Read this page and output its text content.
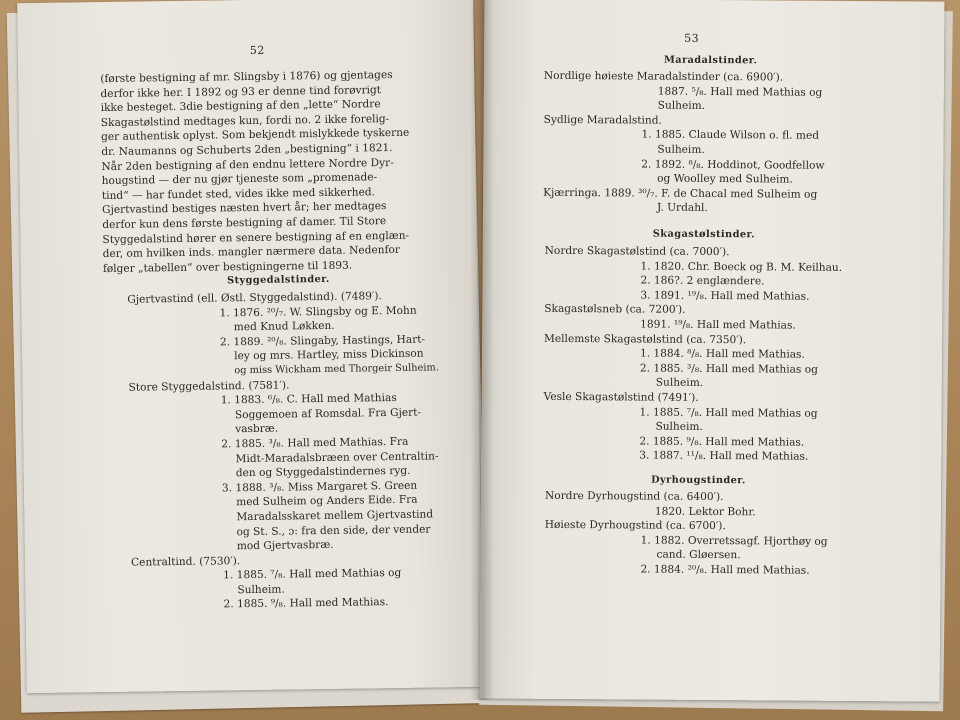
52
(første bestigning af mr. Slingsby i 1876) og gjentages
derfor ikke her. I 1892 og 93 er denne tind forøvrigt
ikke besteget. 3die bestigning af den „lette“ Nordre
Skagastølstind medtages kun, fordi no. 2 ikke forelig-
ger authentisk oplyst. Som bekjendt mislykkede tyskerne
dr. Naumanns og Schuberts 2den „bestigning“ i 1821.
Når 2den bestigning af den endnu lettere Nordre Dyr-
hougstind — der nu gjør tjeneste som „promenade-
tind“ — har fundet sted, vides ikke med sikkerhed.
Gjertvastind bestiges næsten hvert år; her medtages
derfor kun dens første bestigning af damer. Til Store
Styggedalstind hører en senere bestigning af en englæn-
der, om hvilken inds. mangler nærmere data. Nedenfor
følger „tabellen“ over bestigningerne til 1893.
Styggedalstinder.
Gjertvastind (ell. Østl. Styggedalstind). (7489′).
1. 1876. ²⁰/₇. W. Slingsby og E. Mohn
med Knud Løkken.
2. 1889. ²⁰/₈. Slingaby, Hastings, Hart-
ley og mrs. Hartley, miss Dickinson
og miss Wickham med Thorgeir Sulheim.
Store Styggedalstind. (7581′).
1. 1883. ⁶/₈. C. Hall med Mathias
Soggemoen af Romsdal. Fra Gjert-
vasbræ.
2. 1885. ³/₈. Hall med Mathias. Fra
Midt-Maradalsbræen over Centraltin-
den og Styggedalstindernes ryg.
3. 1888. ³/₈. Miss Margaret S. Green
med Sulheim og Anders Eide. Fra
Maradalsskaret mellem Gjertvastind
og St. S., ɔ: fra den side, der vender
mod Gjertvasbræ.
Centraltind. (7530′).
1. 1885. ⁷/₈. Hall med Mathias og
Sulheim.
2. 1885. ⁹/₈. Hall med Mathias.
53
Maradalstinder.
Nordlige høieste Maradalstinder (ca. 6900′).
1887. ⁵/₈. Hall med Mathias og
Sulheim.
Sydlige Maradalstind.
1. 1885. Claude Wilson o. fl. med
Sulheim.
2. 1892. ⁸/₈. Hoddinot, Goodfellow
og Woolley med Sulheim.
Kjærringa. 1889. ³⁰/₇. F. de Chacal med Sulheim og
J. Urdahl.
Skagastølstinder.
Nordre Skagastølstind (ca. 7000′).
1. 1820. Chr. Boeck og B. M. Keilhau.
2. 186?. 2 englændere.
3. 1891. ¹⁹/₈. Hall med Mathias.
Skagastølsneb (ca. 7200′).
1891. ¹⁹/₈. Hall med Mathias.
Mellemste Skagastølstind (ca. 7350′).
1. 1884. ⁸/₈. Hall med Mathias.
2. 1885. ³/₈. Hall med Mathias og
Sulheim.
Vesle Skagastølstind (7491′).
1. 1885. ⁷/₈. Hall med Mathias og
Sulheim.
2. 1885. ⁹/₈. Hall med Mathias.
3. 1887. ¹¹/₈. Hall med Mathias.
Dyrhougstinder.
Nordre Dyrhougstind (ca. 6400′).
1820. Lektor Bohr.
Høieste Dyrhougstind (ca. 6700′).
1. 1882. Overretssagf. Hjorthøy og
cand. Gløersen.
2. 1884. ²⁰/₈. Hall med Mathias.
